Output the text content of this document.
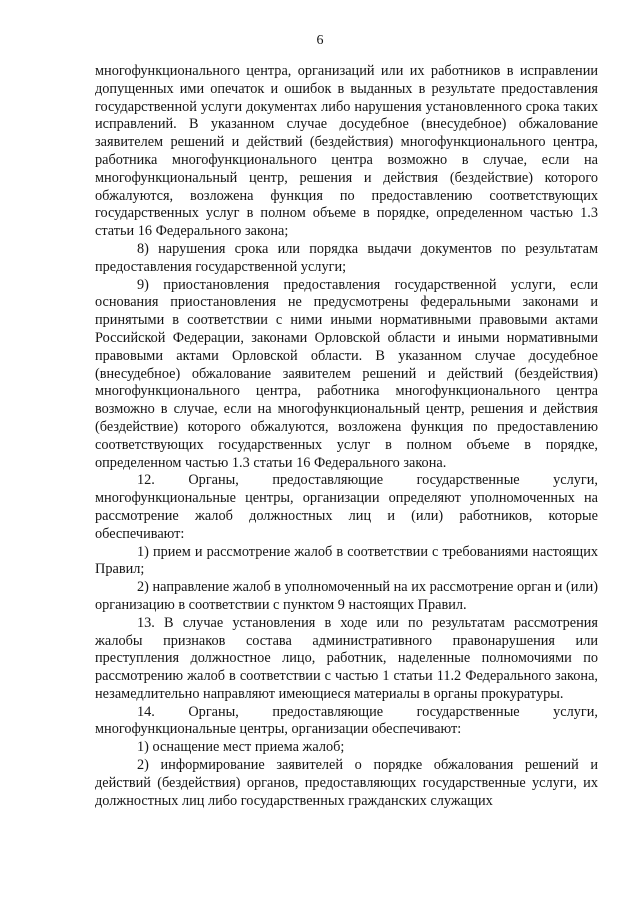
6

многофункционального центра, организаций или их работников в исправлении допущенных ими опечаток и ошибок в выданных в результате предоставления государственной услуги документах либо нарушения установленного срока таких исправлений. В указанном случае досудебное (внесудебное) обжалование заявителем решений и действий (бездействия) многофункционального центра, работника многофункционального центра возможно в случае, если на многофункциональный центр, решения и действия (бездействие) которого обжалуются, возложена функция по предоставлению соответствующих государственных услуг в полном объеме в порядке, определенном частью 1.3 статьи 16 Федерального закона;

8) нарушения срока или порядка выдачи документов по результатам предоставления государственной услуги;

9) приостановления предоставления государственной услуги, если основания приостановления не предусмотрены федеральными законами и принятыми в соответствии с ними иными нормативными правовыми актами Российской Федерации, законами Орловской области и иными нормативными правовыми актами Орловской области. В указанном случае досудебное (внесудебное) обжалование заявителем решений и действий (бездействия) многофункционального центра, работника многофункционального центра возможно в случае, если на многофункциональный центр, решения и действия (бездействие) которого обжалуются, возложена функция по предоставлению соответствующих государственных услуг в полном объеме в порядке, определенном частью 1.3 статьи 16 Федерального закона.

12. Органы, предоставляющие государственные услуги, многофункциональные центры, организации определяют уполномоченных на рассмотрение жалоб должностных лиц и (или) работников, которые обеспечивают:

1) прием и рассмотрение жалоб в соответствии с требованиями настоящих Правил;

2) направление жалоб в уполномоченный на их рассмотрение орган и (или) организацию в соответствии с пунктом 9 настоящих Правил.

13. В случае установления в ходе или по результатам рассмотрения жалобы признаков состава административного правонарушения или преступления должностное лицо, работник, наделенные полномочиями по рассмотрению жалоб в соответствии с частью 1 статьи 11.2 Федерального закона, незамедлительно направляют имеющиеся материалы в органы прокуратуры.

14. Органы, предоставляющие государственные услуги, многофункциональные центры, организации обеспечивают:

1) оснащение мест приема жалоб;

2) информирование заявителей о порядке обжалования решений и действий (бездействия) органов, предоставляющих государственные услуги, их должностных лиц либо государственных гражданских служащих
